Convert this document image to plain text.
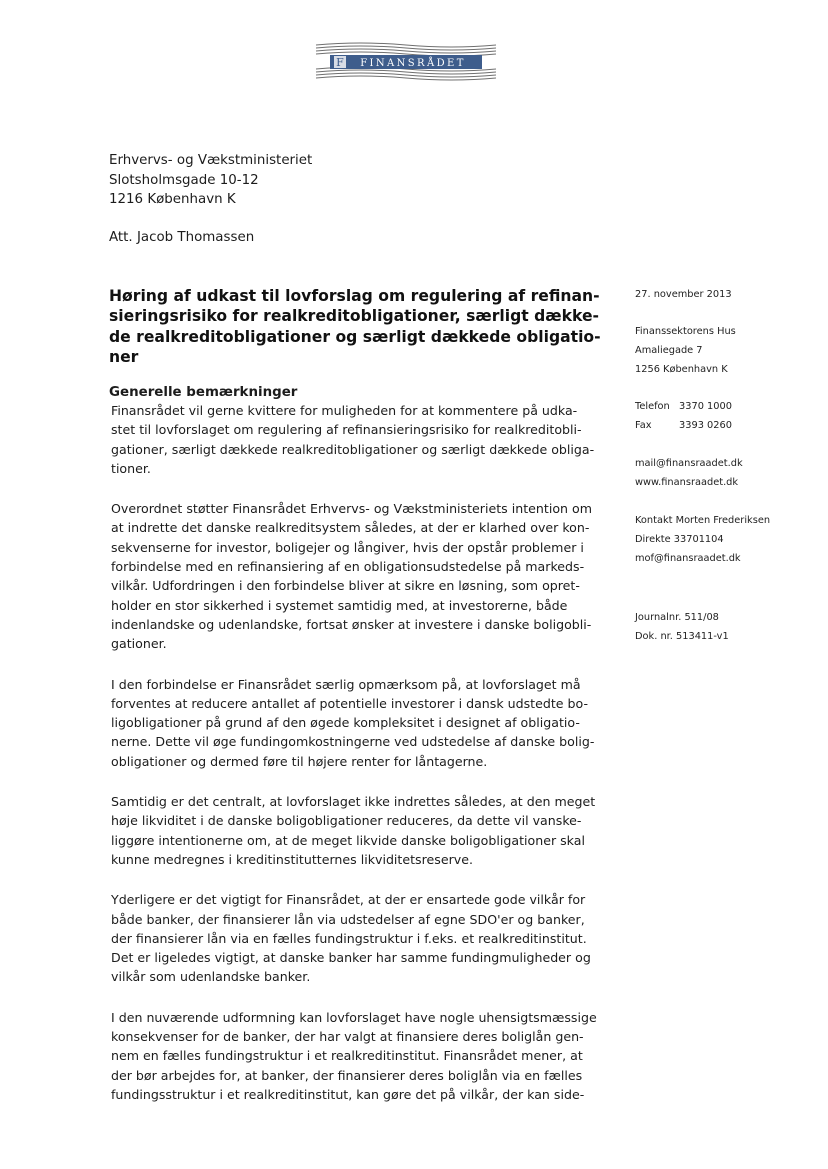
F FINANSRÅDET
Erhvervs- og Vækstministeriet
Slotsholmsgade 10-12
1216 København K
Att. Jacob Thomassen
Høring af udkast til lovforslag om regulering af refinan-
sieringsrisiko for realkreditobligationer, særligt dække-
de realkreditobligationer og særligt dækkede obligatio-
ner
Generelle bemærkninger
Finansrådet vil gerne kvittere for muligheden for at kommentere på udka-
stet til lovforslaget om regulering af refinansieringsrisiko for realkreditobli-
gationer, særligt dækkede realkreditobligationer og særligt dækkede obliga-
tioner.
Overordnet støtter Finansrådet Erhvervs- og Vækstministeriets intention om
at indrette det danske realkreditsystem således, at der er klarhed over kon-
sekvenserne for investor, boligejer og långiver, hvis der opstår problemer i
forbindelse med en refinansiering af en obligationsudstedelse på markeds-
vilkår. Udfordringen i den forbindelse bliver at sikre en løsning, som opret-
holder en stor sikkerhed i systemet samtidig med, at investorerne, både
indenlandske og udenlandske, fortsat ønsker at investere i danske boligobli-
gationer.
I den forbindelse er Finansrådet særlig opmærksom på, at lovforslaget må
forventes at reducere antallet af potentielle investorer i dansk udstedte bo-
ligobligationer på grund af den øgede kompleksitet i designet af obligatio-
nerne. Dette vil øge fundingomkostningerne ved udstedelse af danske bolig-
obligationer og dermed føre til højere renter for låntagerne.
Samtidig er det centralt, at lovforslaget ikke indrettes således, at den meget
høje likviditet i de danske boligobligationer reduceres, da dette vil vanske-
liggøre intentionerne om, at de meget likvide danske boligobligationer skal
kunne medregnes i kreditinstitutternes likviditetsreserve.
Yderligere er det vigtigt for Finansrådet, at der er ensartede gode vilkår for
både banker, der finansierer lån via udstedelser af egne SDO'er og banker,
der finansierer lån via en fælles fundingstruktur i f.eks. et realkreditinstitut.
Det er ligeledes vigtigt, at danske banker har samme fundingmuligheder og
vilkår som udenlandske banker.
I den nuværende udformning kan lovforslaget have nogle uhensigtsmæssige
konsekvenser for de banker, der har valgt at finansiere deres boliglån gen-
nem en fælles fundingstruktur i et realkreditinstitut. Finansrådet mener, at
der bør arbejdes for, at banker, der finansierer deres boliglån via en fælles
fundingsstruktur i et realkreditinstitut, kan gøre det på vilkår, der kan side-
27. november 2013
Finanssektorens Hus
Amaliegade 7
1256 København K
Telefon 3370 1000
Fax	3393 0260
mail@finansraadet.dk
www.finansraadet.dk
Kontakt Morten Frederiksen
Direkte 33701104
mof@finansraadet.dk
Journalnr. 511/08
Dok. nr. 513411-v1
